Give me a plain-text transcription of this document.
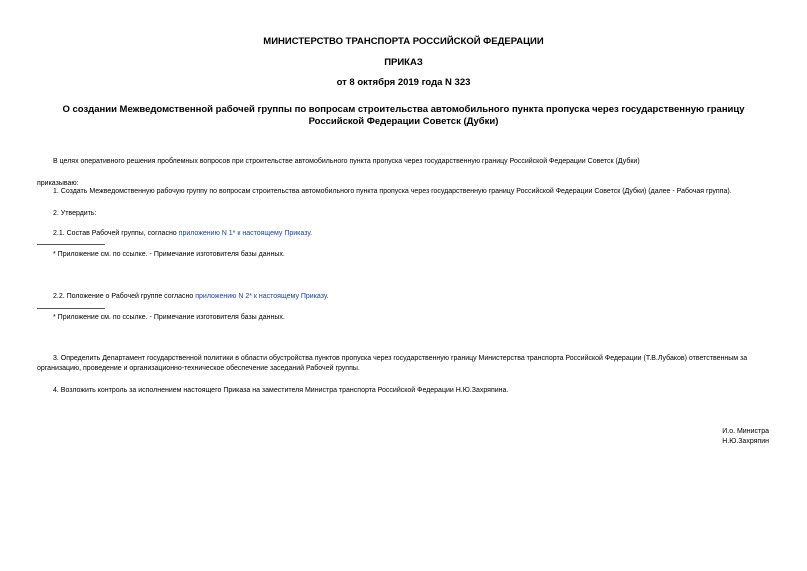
МИНИСТЕРСТВО ТРАНСПОРТА РОССИЙСКОЙ ФЕДЕРАЦИИ

ПРИКАЗ

от 8 октября 2019 года N 323

О создании Межведомственной рабочей группы по вопросам строительства автомобильного пункта пропуска через государственную границу Российской Федерации Советск (Дубки)

В целях оперативного решения проблемных вопросов при строительстве автомобильного пункта пропуска через государственную границу Российской Федерации Советск (Дубки)

приказываю:

1. Создать Межведомственную рабочую группу по вопросам строительства автомобильного пункта пропуска через государственную границу Российской Федерации Советск (Дубки) (далее - Рабочая группа).

2. Утвердить:

2.1. Состав Рабочей группы, согласно приложению N 1* к настоящему Приказу.

* Приложение см. по ссылке. - Примечание изготовителя базы данных.

2.2. Положение о Рабочей группе согласно приложению N 2* к настоящему Приказу.

* Приложение см. по ссылке. - Примечание изготовителя базы данных.

3. Определить Департамент государственной политики в области обустройства пунктов пропуска через государственную границу Министерства транспорта Российской Федерации (Т.В.Лубаков) ответственным за организацию, проведение и организационно-техническое обеспечение заседаний Рабочей группы.

4. Возложить контроль за исполнением настоящего Приказа на заместителя Министра транспорта Российской Федерации Н.Ю.Захряпина.

И.о. Министра

Н.Ю.Захряпин
